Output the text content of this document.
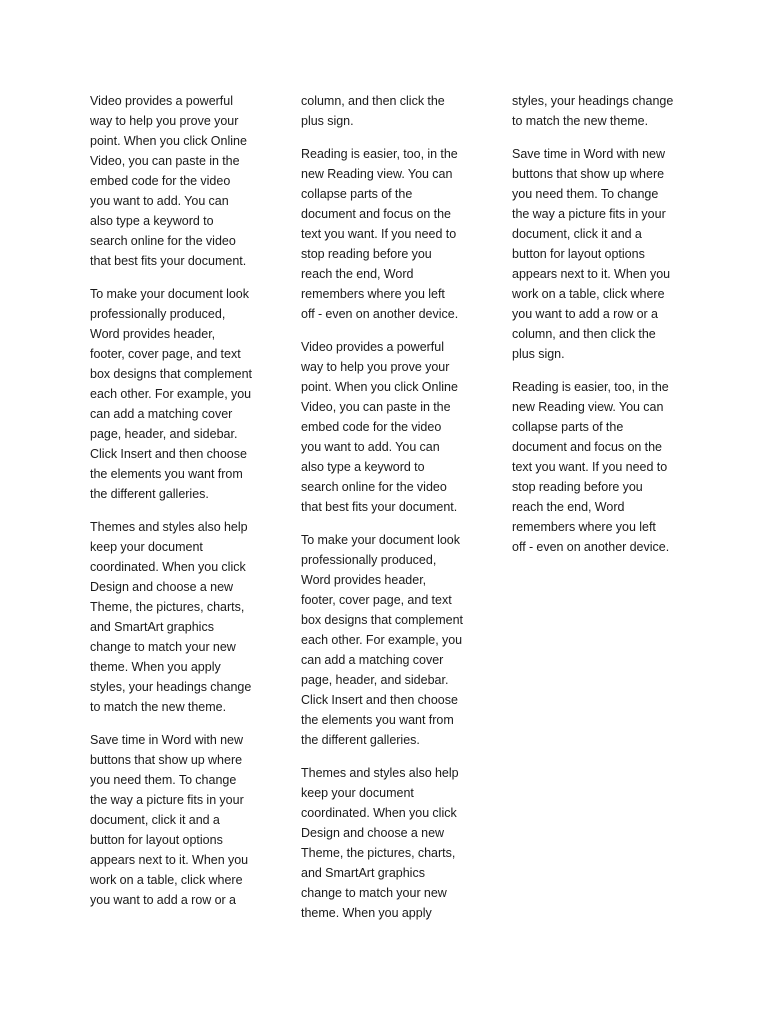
Video provides a powerful
way to help you prove your
point. When you click Online
Video, you can paste in the
embed code for the video
you want to add. You can
also type a keyword to
search online for the video
that best fits your document.

To make your document look
professionally produced,
Word provides header,
footer, cover page, and text
box designs that complement
each other. For example, you
can add a matching cover
page, header, and sidebar.
Click Insert and then choose
the elements you want from
the different galleries.

Themes and styles also help
keep your document
coordinated. When you click
Design and choose a new
Theme, the pictures, charts,
and SmartArt graphics
change to match your new
theme. When you apply
styles, your headings change
to match the new theme.

Save time in Word with new
buttons that show up where
you need them. To change
the way a picture fits in your
document, click it and a
button for layout options
appears next to it. When you
work on a table, click where
you want to add a row or a

column, and then click the
plus sign.

Reading is easier, too, in the
new Reading view. You can
collapse parts of the
document and focus on the
text you want. If you need to
stop reading before you
reach the end, Word
remembers where you left
off - even on another device.

Video provides a powerful
way to help you prove your
point. When you click Online
Video, you can paste in the
embed code for the video
you want to add. You can
also type a keyword to
search online for the video
that best fits your document.

To make your document look
professionally produced,
Word provides header,
footer, cover page, and text
box designs that complement
each other. For example, you
can add a matching cover
page, header, and sidebar.
Click Insert and then choose
the elements you want from
the different galleries.

Themes and styles also help
keep your document
coordinated. When you click
Design and choose a new
Theme, the pictures, charts,
and SmartArt graphics
change to match your new
theme. When you apply

styles, your headings change
to match the new theme.

Save time in Word with new
buttons that show up where
you need them. To change
the way a picture fits in your
document, click it and a
button for layout options
appears next to it. When you
work on a table, click where
you want to add a row or a
column, and then click the
plus sign.

Reading is easier, too, in the
new Reading view. You can
collapse parts of the
document and focus on the
text you want. If you need to
stop reading before you
reach the end, Word
remembers where you left
off - even on another device.
